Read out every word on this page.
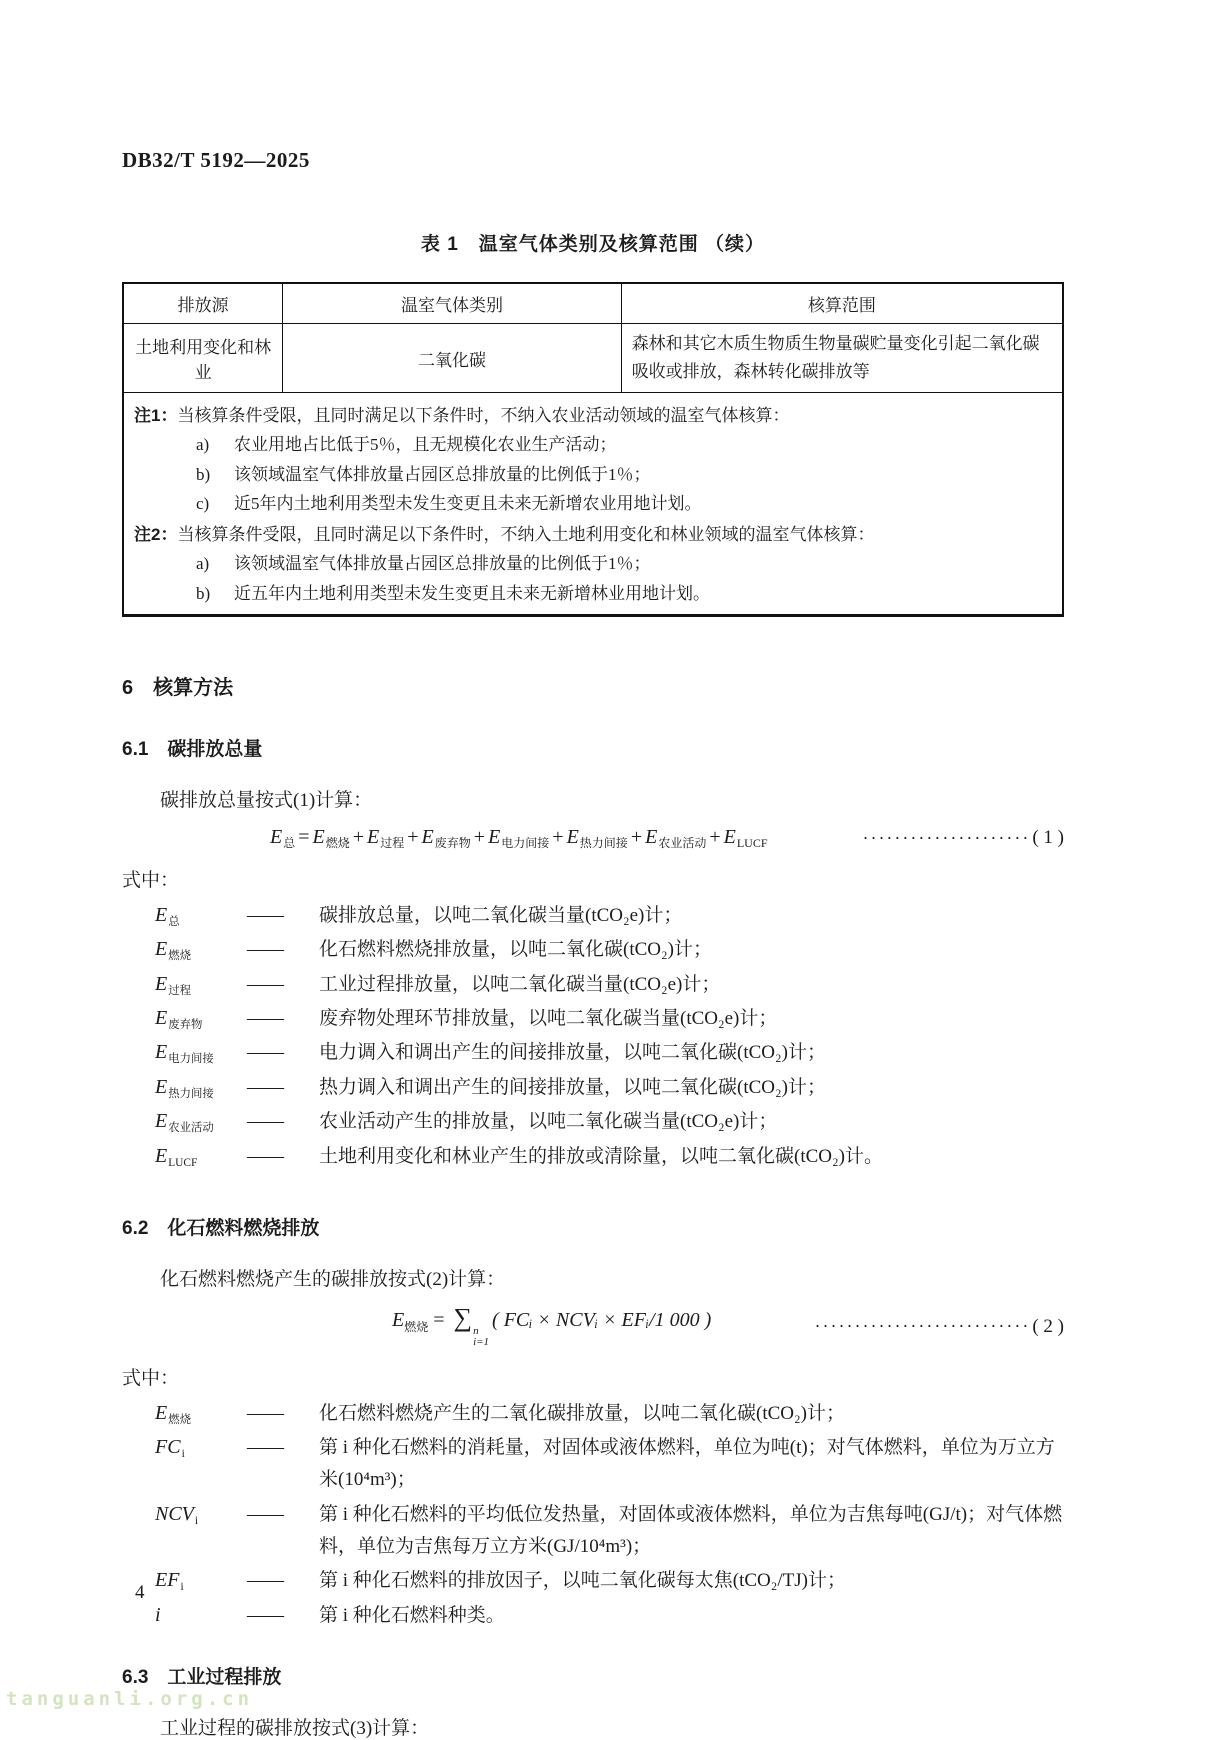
DB32/T 5192—2025
表 1　温室气体类别及核算范围 （续）
排放源	温室气体类别	核算范围
土地利用变化和林业	二氧化碳	森林和其它木质生物质生物量碳贮量变化引起二氧化碳吸收或排放，森林转化碳排放等

注1：当核算条件受限，且同时满足以下条件时，不纳入农业活动领域的温室气体核算：
a) 农业用地占比低于5％，且无规模化农业生产活动；
b) 该领域温室气体排放量占园区总排放量的比例低于1％；
c) 近5年内土地利用类型未发生变更且未来无新增农业用地计划。
注2：当核算条件受限，且同时满足以下条件时，不纳入土地利用变化和林业领域的温室气体核算：
a) 该领域温室气体排放量占园区总排放量的比例低于1％；
b) 近五年内土地利用类型未发生变更且未来无新增林业用地计划。
6　核算方法
6.1　碳排放总量

碳排放总量按式(1)计算：

$E_总 = E_{燃烧} + E_{过程} + E_{废弃物} + E_{电力间接} + E_{热力间接} + E_{农业活动} + E_{LUCF}$	····················· ( 1 )

式中：

$E_总$	——	碳排放总量，以吨二氧化碳当量(tCO₂e)计；
$E_{燃烧}$	——	化石燃料燃烧排放量，以吨二氧化碳(tCO₂)计；
$E_{过程}$	——	工业过程排放量，以吨二氧化碳当量(tCO₂e)计；
$E_{废弃物}$	——	废弃物处理环节排放量，以吨二氧化碳当量(tCO₂e)计；
$E_{电力间接}$	——	电力调入和调出产生的间接排放量，以吨二氧化碳(tCO₂)计；
$E_{热力间接}$	——	热力调入和调出产生的间接排放量，以吨二氧化碳(tCO₂)计；
$E_{农业活动}$	——	农业活动产生的排放量，以吨二氧化碳当量(tCO₂e)计；
$E_{LUCF}$	——	土地利用变化和林业产生的排放或清除量，以吨二氧化碳(tCO₂)计。
6.2　化石燃料燃烧排放

化石燃料燃烧产生的碳排放按式(2)计算：

$E_{燃烧}$ = ∑ n
i=1
( FCᵢ × NCVᵢ × EFᵢ/1 000 )	··························· ( 2 )

式中：

$E_{燃烧}$	——	化石燃料燃烧产生的二氧化碳排放量，以吨二氧化碳(tCO₂)计；
$FC_i$	——	第 i 种化石燃料的消耗量，对固体或液体燃料，单位为吨(t)；对气体燃料，单位为万立方米(10⁴m³)；
$NCV_i$	——	第 i 种化石燃料的平均低位发热量，对固体或液体燃料，单位为吉焦每吨(GJ/t)；对气体燃料，单位为吉焦每万立方米(GJ/10⁴m³)；
$EF_i$	——	第 i 种化石燃料的排放因子，以吨二氧化碳每太焦(tCO₂/TJ)计；
i	——	第 i 种化石燃料种类。
6.3　工业过程排放

工业过程的碳排放按式(3)计算：

4
tanguanli.org.cn
